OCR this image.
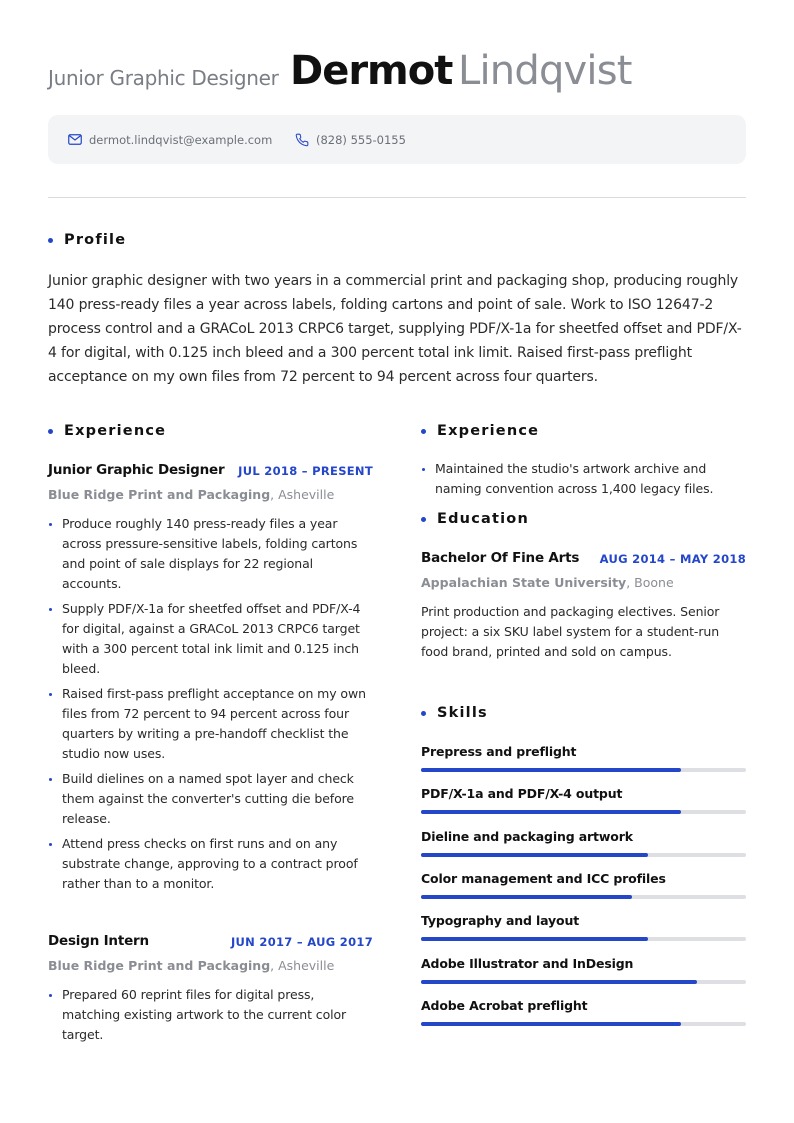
Junior Graphic Designer Dermot Lindqvist
dermot.lindqvist@example.com	(828) 555-0155
Profile
Junior graphic designer with two years in a commercial print and packaging shop, producing roughly 140 press-ready files a year across labels, folding cartons and point of sale. Work to ISO 12647-2 process control and a GRACoL 2013 CRPC6 target, supplying PDF/X-1a for sheetfed offset and PDF/X-4 for digital, with 0.125 inch bleed and a 300 percent total ink limit. Raised first-pass preflight acceptance on my own files from 72 percent to 94 percent across four quarters.
Experience
Junior Graphic Designer	JUL 2018 – PRESENT
Blue Ridge Print and Packaging, Asheville
Produce roughly 140 press-ready files a year across pressure-sensitive labels, folding cartons and point of sale displays for 22 regional accounts.
Supply PDF/X-1a for sheetfed offset and PDF/X-4 for digital, against a GRACoL 2013 CRPC6 target with a 300 percent total ink limit and 0.125 inch bleed.
Raised first-pass preflight acceptance on my own files from 72 percent to 94 percent across four quarters by writing a pre-handoff checklist the studio now uses.
Build dielines on a named spot layer and check them against the converter's cutting die before release.
Attend press checks on first runs and on any substrate change, approving to a contract proof rather than to a monitor.
Design Intern	JUN 2017 – AUG 2017
Blue Ridge Print and Packaging, Asheville
Prepared 60 reprint files for digital press, matching existing artwork to the current color target.
Experience
Maintained the studio's artwork archive and naming convention across 1,400 legacy files.
Education
Bachelor Of Fine Arts	AUG 2014 – MAY 2018
Appalachian State University, Boone
Print production and packaging electives. Senior project: a six SKU label system for a student-run food brand, printed and sold on campus.
Skills
Prepress and preflight
PDF/X-1a and PDF/X-4 output
Dieline and packaging artwork
Color management and ICC profiles
Typography and layout
Adobe Illustrator and InDesign
Adobe Acrobat preflight
